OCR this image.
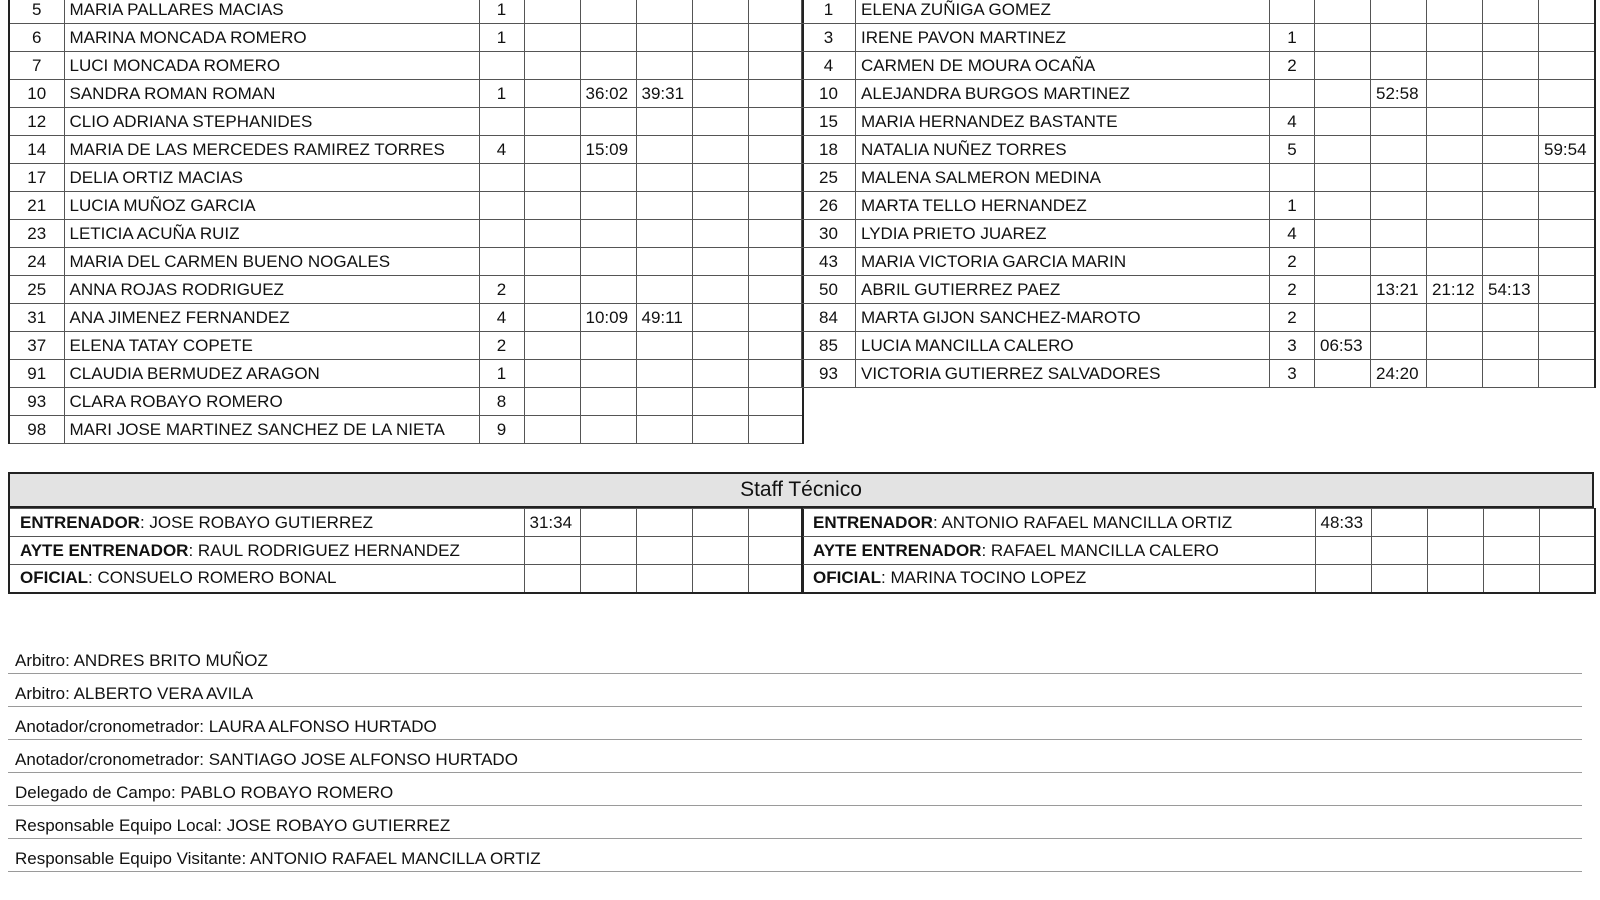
5	MARIA PALLARES MACIAS	1					
6	MARINA MONCADA ROMERO	1					
7	LUCI MONCADA ROMERO						
10	SANDRA ROMAN ROMAN	1		36:02	39:31		
12	CLIO ADRIANA STEPHANIDES						
14	MARIA DE LAS MERCEDES RAMIREZ TORRES	4		15:09			
17	DELIA ORTIZ MACIAS						
21	LUCIA MUÑOZ GARCIA						
23	LETICIA ACUÑA RUIZ						
24	MARIA DEL CARMEN BUENO NOGALES						
25	ANNA ROJAS RODRIGUEZ	2					
31	ANA JIMENEZ FERNANDEZ	4		10:09	49:11		
37	ELENA TATAY COPETE	2					
91	CLAUDIA BERMUDEZ ARAGON	1					
93	CLARA ROBAYO ROMERO	8					
98	MARI JOSE MARTINEZ SANCHEZ DE LA NIETA	9					
1	ELENA ZUÑIGA GOMEZ						
3	IRENE PAVON MARTINEZ	1					
4	CARMEN DE MOURA OCAÑA	2					
10	ALEJANDRA BURGOS MARTINEZ			52:58			
15	MARIA HERNANDEZ BASTANTE	4					
18	NATALIA NUÑEZ TORRES	5					59:54
25	MALENA SALMERON MEDINA						
26	MARTA TELLO HERNANDEZ	1					
30	LYDIA PRIETO JUAREZ	4					
43	MARIA VICTORIA GARCIA MARIN	2					
50	ABRIL GUTIERREZ PAEZ	2		13:21	21:12	54:13	
84	MARTA GIJON SANCHEZ-MAROTO	2					
85	LUCIA MANCILLA CALERO	3	06:53				
93	VICTORIA GUTIERREZ SALVADORES	3		24:20			
Staff Técnico
ENTRENADOR: JOSE ROBAYO GUTIERREZ	31:34					
AYTE ENTRENADOR: RAUL RODRIGUEZ HERNANDEZ						
OFICIAL: CONSUELO ROMERO BONAL						
ENTRENADOR: ANTONIO RAFAEL MANCILLA ORTIZ	48:33					
AYTE ENTRENADOR: RAFAEL MANCILLA CALERO						
OFICIAL: MARINA TOCINO LOPEZ						
Arbitro: ANDRES BRITO MUÑOZ
Arbitro: ALBERTO VERA AVILA
Anotador/cronometrador: LAURA ALFONSO HURTADO
Anotador/cronometrador: SANTIAGO JOSE ALFONSO HURTADO
Delegado de Campo: PABLO ROBAYO ROMERO
Responsable Equipo Local: JOSE ROBAYO GUTIERREZ
Responsable Equipo Visitante: ANTONIO RAFAEL MANCILLA ORTIZ
